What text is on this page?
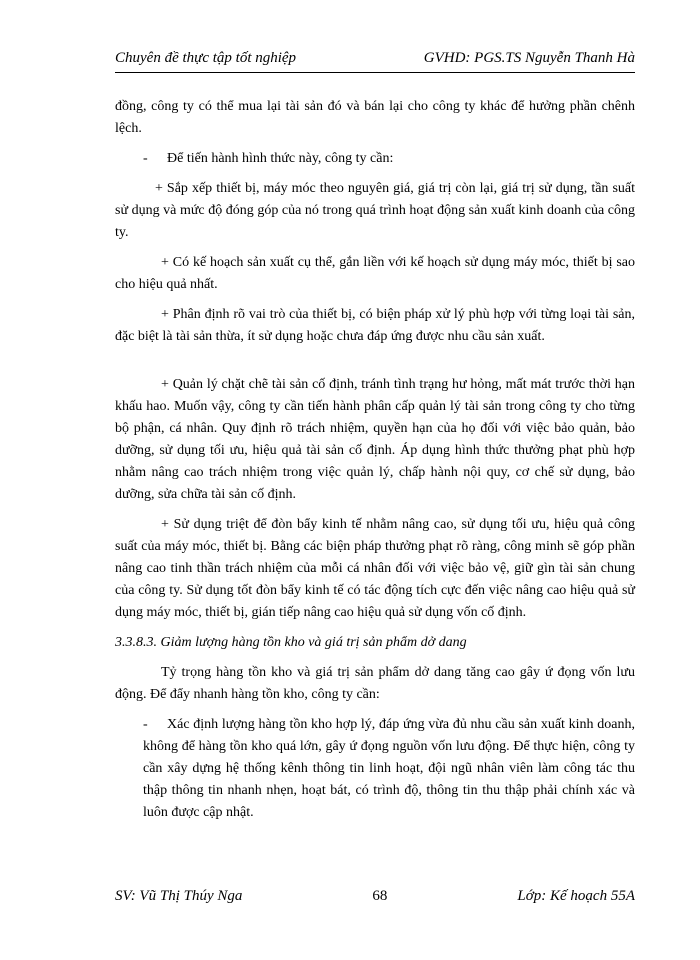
Chuyên đề thực tập tốt nghiệp	GVHD: PGS.TS Nguyễn Thanh Hà

đồng, công ty có thể mua lại tài sản đó và bán lại cho công ty khác để hưởng phần chênh lệch.

- Để tiến hành hình thức này, công ty cần:

+ Sắp xếp thiết bị, máy móc theo nguyên giá, giá trị còn lại, giá trị sử dụng, tần suất sử dụng và mức độ đóng góp của nó trong quá trình hoạt động sản xuất kinh doanh của công ty.

+ Có kế hoạch sản xuất cụ thể, gắn liền với kế hoạch sử dụng máy móc, thiết bị sao cho hiệu quả nhất.

+ Phân định rõ vai trò của thiết bị, có biện pháp xử lý phù hợp với từng loại tài sản, đặc biệt là tài sản thừa, ít sử dụng hoặc chưa đáp ứng được nhu cầu sản xuất.

+ Quản lý chặt chẽ tài sản cố định, tránh tình trạng hư hỏng, mất mát trước thời hạn khấu hao. Muốn vậy, công ty cần tiến hành phân cấp quản lý tài sản trong công ty cho từng bộ phận, cá nhân. Quy định rõ trách nhiệm, quyền hạn của họ đối với việc bảo quản, bảo dưỡng, sử dụng tối ưu, hiệu quả tài sản cố định. Áp dụng hình thức thưởng phạt phù hợp nhằm nâng cao trách nhiệm trong việc quản lý, chấp hành nội quy, cơ chế sử dụng, bảo dưỡng, sửa chữa tài sản cố định.

+ Sử dụng triệt để đòn bẩy kinh tế nhằm nâng cao, sử dụng tối ưu, hiệu quả công suất của máy móc, thiết bị. Bằng các biện pháp thưởng phạt rõ ràng, công minh sẽ góp phần nâng cao tinh thần trách nhiệm của mỗi cá nhân đối với việc bảo vệ, giữ gìn tài sản chung của công ty. Sử dụng tốt đòn bẩy kinh tế có tác động tích cực đến việc nâng cao hiệu quả sử dụng máy móc, thiết bị, gián tiếp nâng cao hiệu quả sử dụng vốn cố định.

3.3.8.3. Giảm lượng hàng tồn kho và giá trị sản phẩm dở dang

Tỷ trọng hàng tồn kho và giá trị sản phẩm dở dang tăng cao gây ứ đọng vốn lưu động. Để đẩy nhanh hàng tồn kho, công ty cần:

- Xác định lượng hàng tồn kho hợp lý, đáp ứng vừa đủ nhu cầu sản xuất kinh doanh, không để hàng tồn kho quá lớn, gây ứ đọng nguồn vốn lưu động. Để thực hiện, công ty cần xây dựng hệ thống kênh thông tin linh hoạt, đội ngũ nhân viên làm công tác thu thập thông tin nhanh nhẹn, hoạt bát, có trình độ, thông tin thu thập phải chính xác và luôn được cập nhật.

SV: Vũ Thị Thúy Nga	68	Lớp: Kế hoạch 55A
